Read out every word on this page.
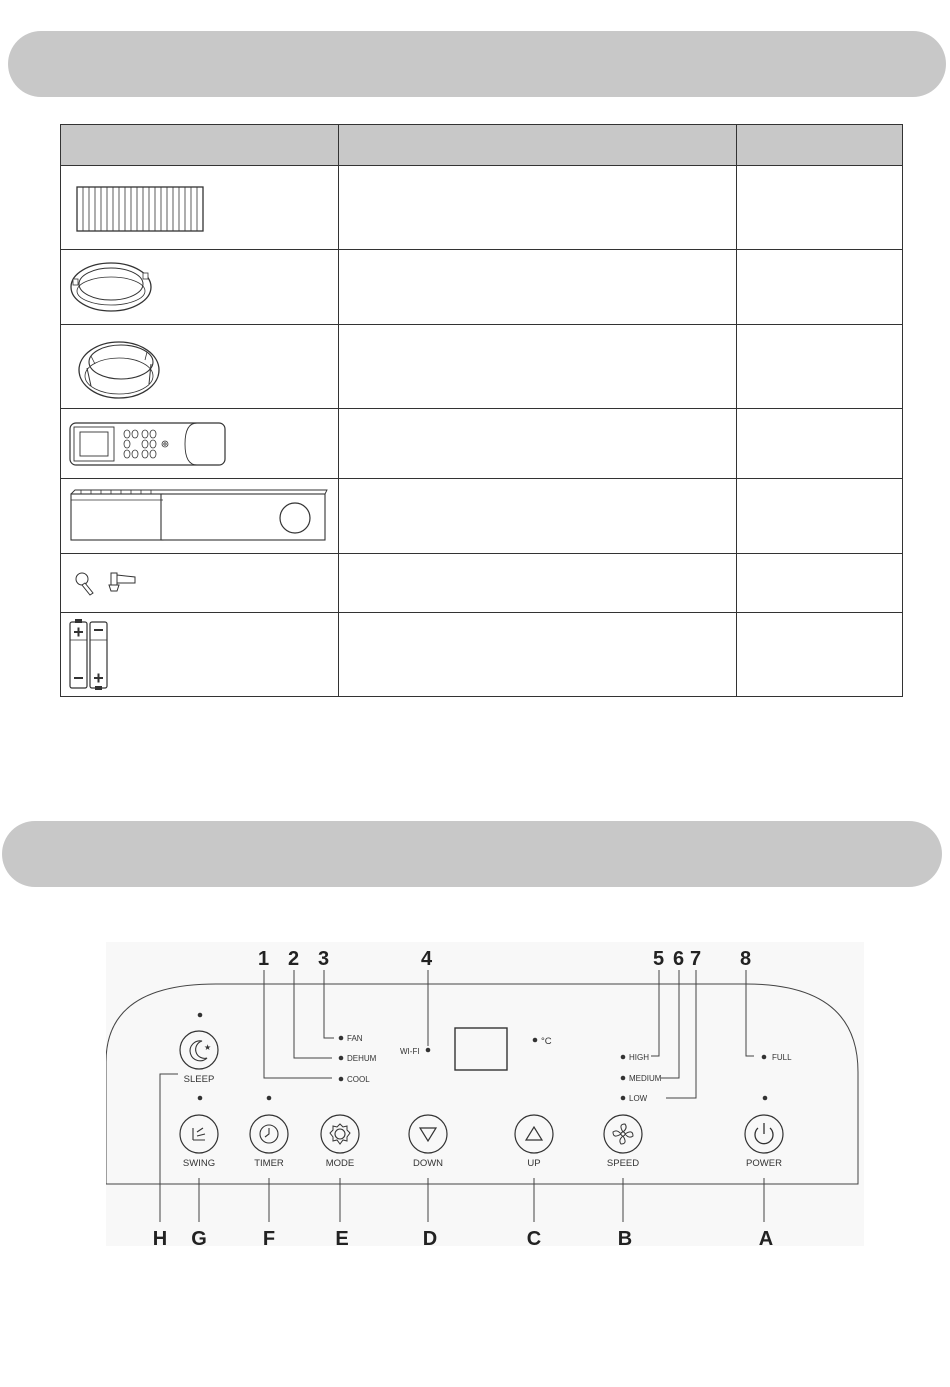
1 2 3	4	5 6 7 8
FAN
DEHUM
COOL
WI-FI
°C
HIGH
MEDIUM
LOW
FULL
★
SLEEP
SWING	TIMER	MODE	DOWN	UP	SPEED	POWER
H G	F	E	D	C	B	A
